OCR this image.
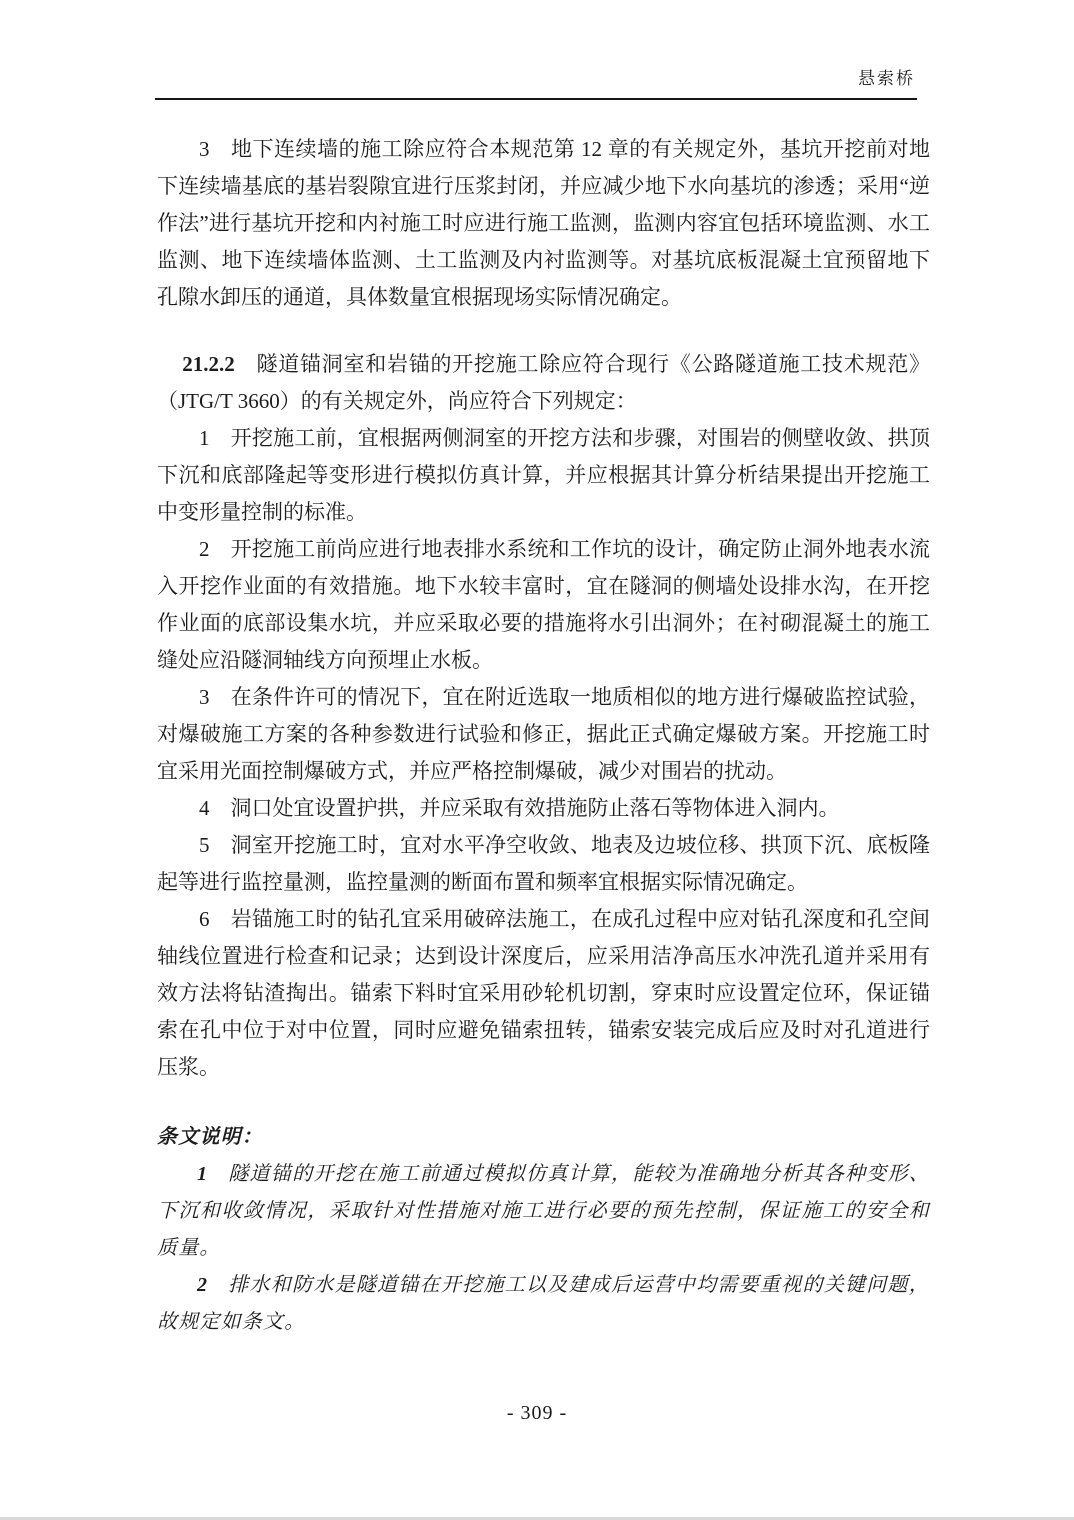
悬索桥

3 地下连续墙的施工除应符合本规范第 12 章的有关规定外，基坑开挖前对地下连续墙基底的基岩裂隙宜进行压浆封闭，并应减少地下水向基坑的渗透；采用“逆作法”进行基坑开挖和内衬施工时应进行施工监测，监测内容宜包括环境监测、水工监测、地下连续墙体监测、土工监测及内衬监测等。对基坑底板混凝土宜预留地下孔隙水卸压的通道，具体数量宜根据现场实际情况确定。

21.2.2 隧道锚洞室和岩锚的开挖施工除应符合现行《公路隧道施工技术规范》（JTG/T 3660）的有关规定外，尚应符合下列规定：

1 开挖施工前，宜根据两侧洞室的开挖方法和步骤，对围岩的侧壁收敛、拱顶下沉和底部隆起等变形进行模拟仿真计算，并应根据其计算分析结果提出开挖施工中变形量控制的标准。

2 开挖施工前尚应进行地表排水系统和工作坑的设计，确定防止洞外地表水流入开挖作业面的有效措施。地下水较丰富时，宜在隧洞的侧墙处设排水沟，在开挖作业面的底部设集水坑，并应采取必要的措施将水引出洞外；在衬砌混凝土的施工缝处应沿隧洞轴线方向预埋止水板。

3 在条件许可的情况下，宜在附近选取一地质相似的地方进行爆破监控试验，对爆破施工方案的各种参数进行试验和修正，据此正式确定爆破方案。开挖施工时宜采用光面控制爆破方式，并应严格控制爆破，减少对围岩的扰动。

4 洞口处宜设置护拱，并应采取有效措施防止落石等物体进入洞内。

5 洞室开挖施工时，宜对水平净空收敛、地表及边坡位移、拱顶下沉、底板隆起等进行监控量测，监控量测的断面布置和频率宜根据实际情况确定。

6 岩锚施工时的钻孔宜采用破碎法施工，在成孔过程中应对钻孔深度和孔空间轴线位置进行检查和记录；达到设计深度后，应采用洁净高压水冲洗孔道并采用有效方法将钻渣掏出。锚索下料时宜采用砂轮机切割，穿束时应设置定位环，保证锚索在孔中位于对中位置，同时应避免锚索扭转，锚索安装完成后应及时对孔道进行压浆。

条文说明：

1 隧道锚的开挖在施工前通过模拟仿真计算，能较为准确地分析其各种变形、下沉和收敛情况，采取针对性措施对施工进行必要的预先控制，保证施工的安全和质量。

2 排水和防水是隧道锚在开挖施工以及建成后运营中均需要重视的关键问题，故规定如条文。

- 309 -
